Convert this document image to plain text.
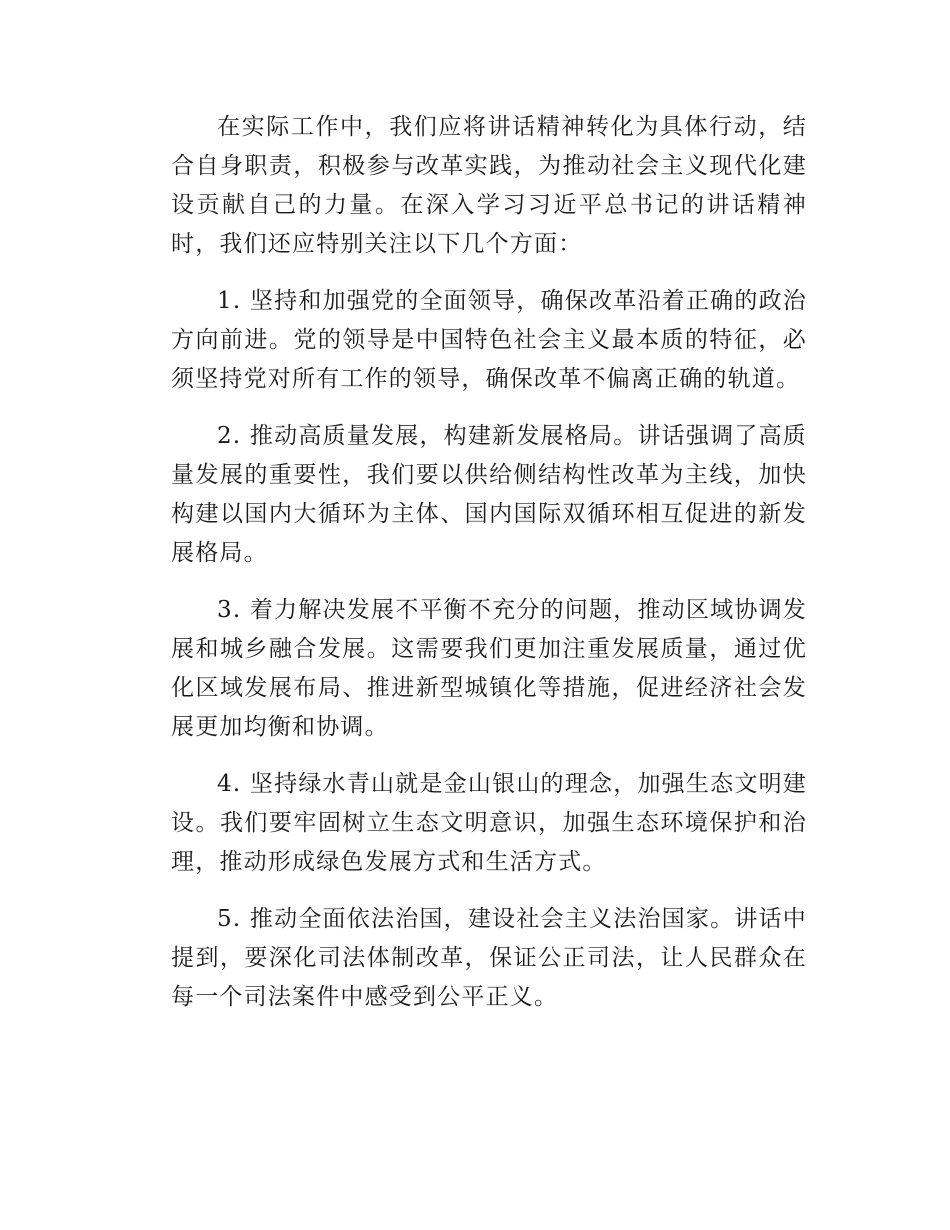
在实际工作中，我们应将讲话精神转化为具体行动，结合自身职责，积极参与改革实践，为推动社会主义现代化建设贡献自己的力量。在深入学习习近平总书记的讲话精神时，我们还应特别关注以下几个方面：

1. 坚持和加强党的全面领导，确保改革沿着正确的政治方向前进。党的领导是中国特色社会主义最本质的特征，必须坚持党对所有工作的领导，确保改革不偏离正确的轨道。

2. 推动高质量发展，构建新发展格局。讲话强调了高质量发展的重要性，我们要以供给侧结构性改革为主线，加快构建以国内大循环为主体、国内国际双循环相互促进的新发展格局。

3. 着力解决发展不平衡不充分的问题，推动区域协调发展和城乡融合发展。这需要我们更加注重发展质量，通过优化区域发展布局、推进新型城镇化等措施，促进经济社会发展更加均衡和协调。

4. 坚持绿水青山就是金山银山的理念，加强生态文明建设。我们要牢固树立生态文明意识，加强生态环境保护和治理，推动形成绿色发展方式和生活方式。

5. 推动全面依法治国，建设社会主义法治国家。讲话中提到，要深化司法体制改革，保证公正司法，让人民群众在每一个司法案件中感受到公平正义。
